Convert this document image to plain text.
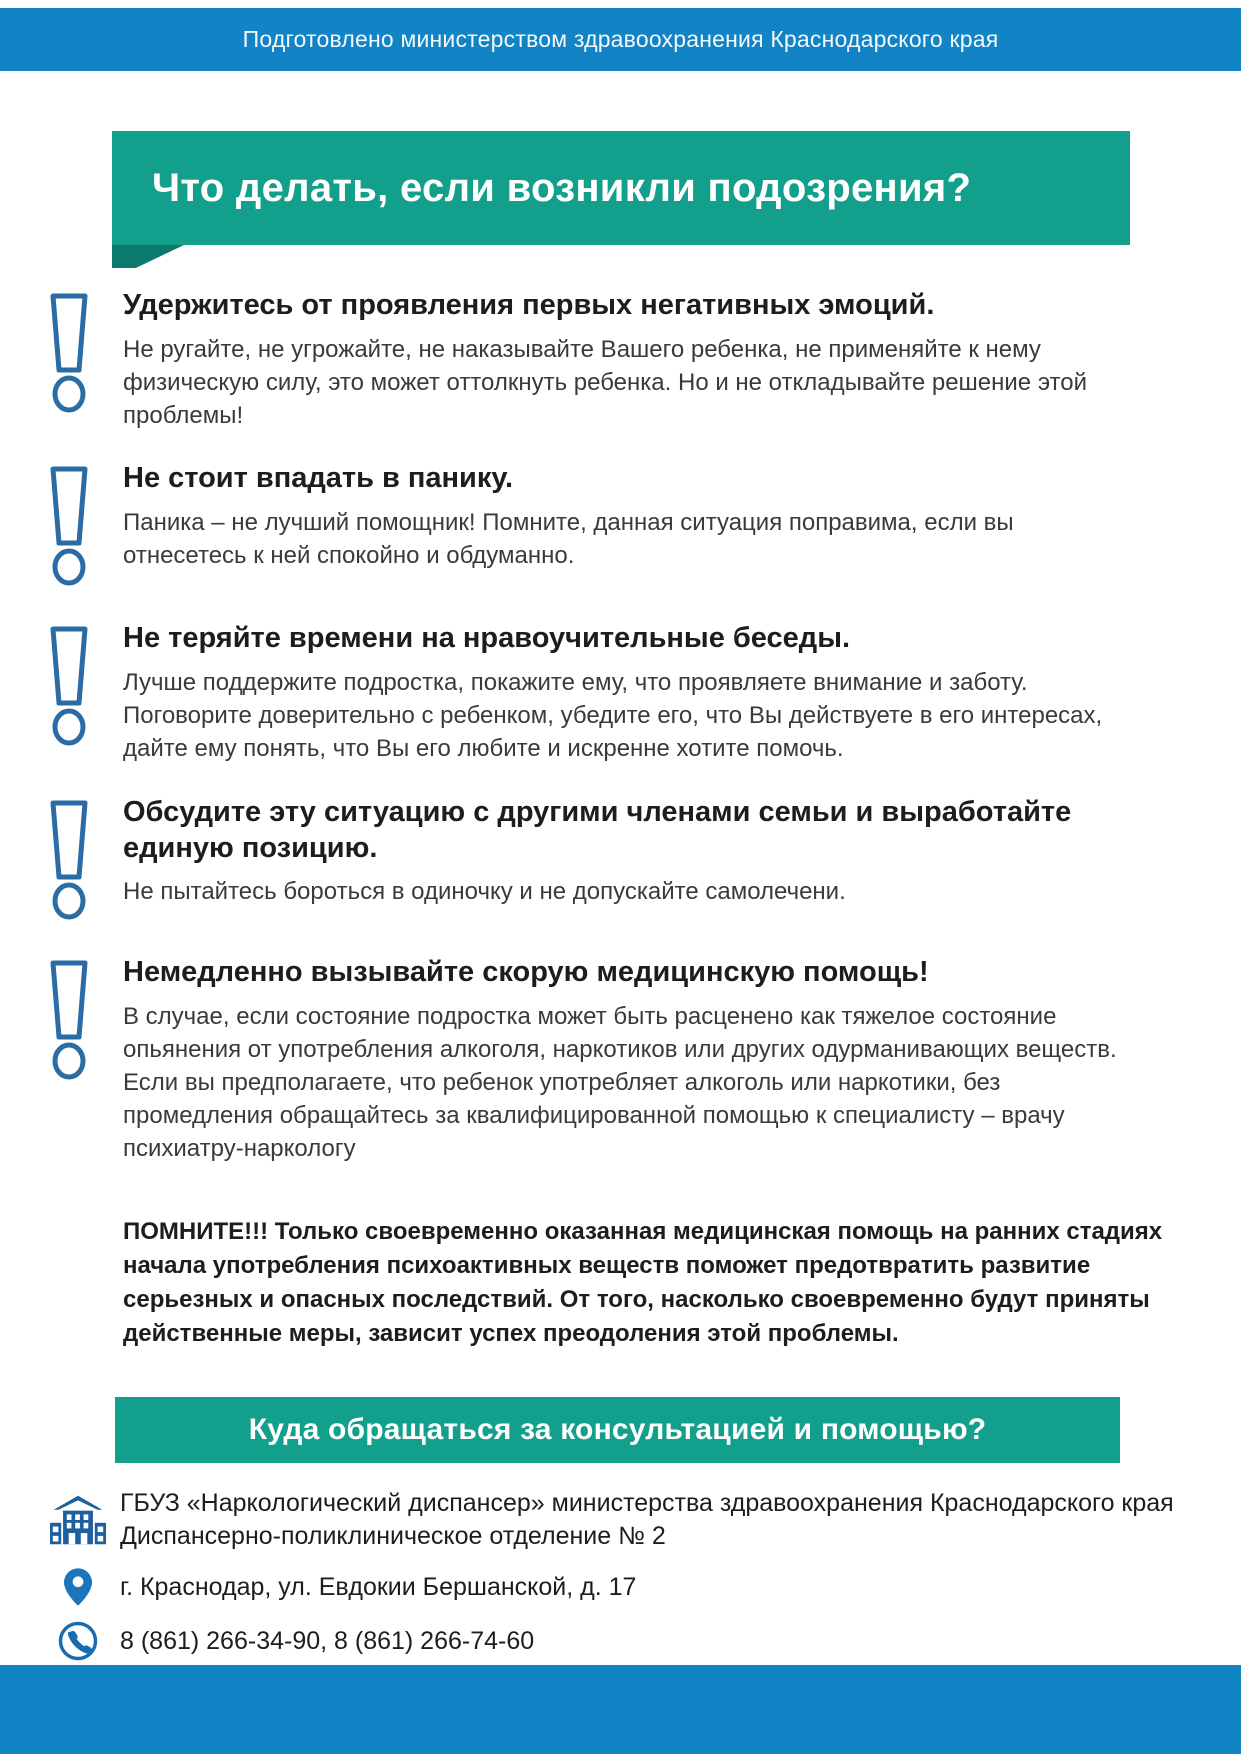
Подготовлено министерством здравоохранения Краснодарского края
Что делать, если возникли подозрения?
Удержитесь от проявления первых негативных эмоций.

Не ругайте, не угрожайте, не наказывайте Вашего ребенка, не применяйте к нему физическую силу, это может оттолкнуть ребенка. Но и не откладывайте решение этой проблемы!

Не стоит впадать в панику.

Паника – не лучший помощник! Помните, данная ситуация поправима, если вы отнесетесь к ней спокойно и обдуманно.

Не теряйте времени на нравоучительные беседы.

Лучше поддержите подростка, покажите ему, что проявляете внимание и заботу. Поговорите доверительно с ребенком, убедите его, что Вы действуете в его интересах, дайте ему понять, что Вы его любите и искренне хотите помочь.

Обсудите эту ситуацию с другими членами семьи и выработайте единую позицию.

Не пытайтесь бороться в одиночку и не допускайте самолечени.

Немедленно вызывайте скорую медицинскую помощь!

В случае, если состояние подростка может быть расценено как тяжелое состояние опьянения от употребления алкоголя, наркотиков или других одурманивающих веществ.

Если вы предполагаете, что ребенок употребляет алкоголь или наркотики, без промедления обращайтесь за квалифицированной помощью к специалисту – врачу психиатру-наркологу

ПОМНИТЕ!!! Только своевременно оказанная медицинская помощь на ранних стадиях начала употребления психоактивных веществ поможет предотвратить развитие серьезных и опасных последствий. От того, насколько своевременно будут приняты действенные меры, зависит успех преодоления этой проблемы.

Куда обращаться за консультацией и помощью?
ГБУЗ «Наркологический диспансер» министерства здравоохранения Краснодарского края
Диспансерно-поликлиническое отделение № 2
г. Краснодар, ул. Евдокии Бершанской, д. 17
8 (861) 266-34-90, 8 (861) 266-74-60
